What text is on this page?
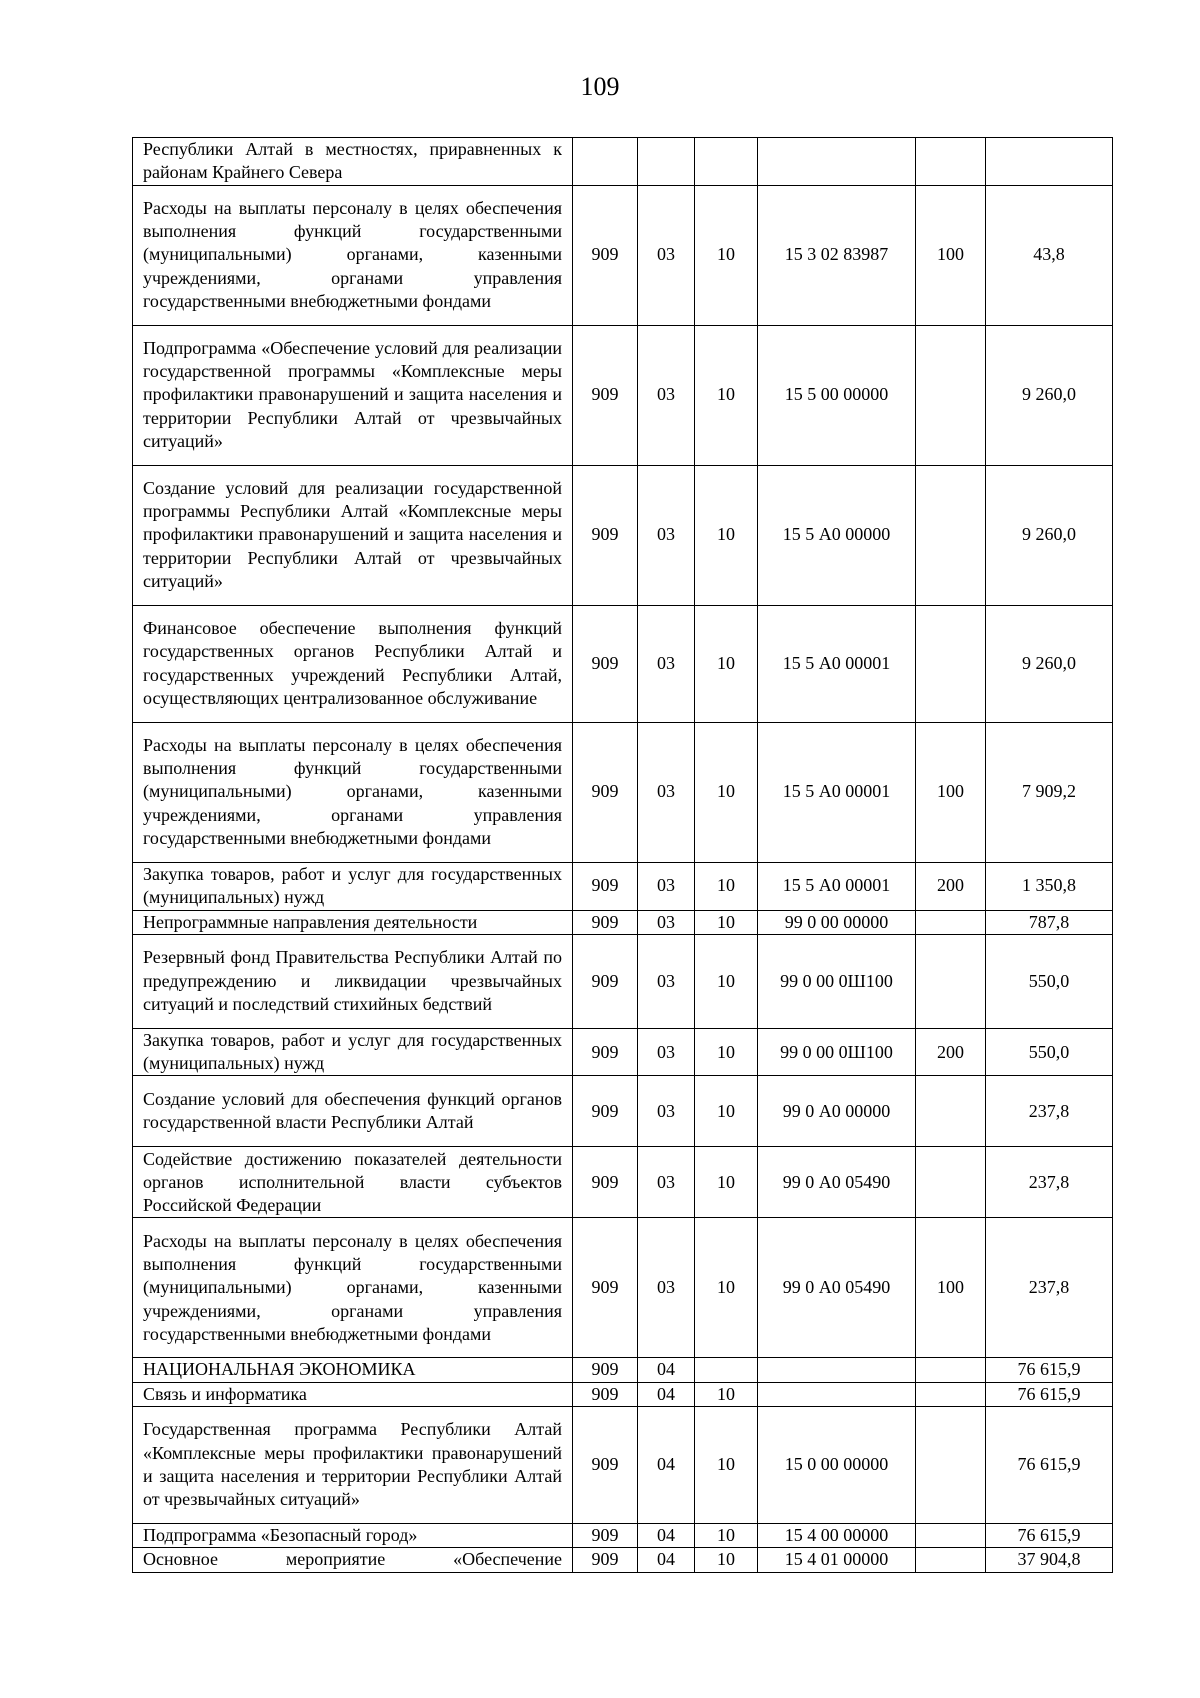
109
Республики Алтай в местностях, приравненных к районам Крайнего Севера						
Расходы на выплаты персоналу в целях обеспечения выполнения функций государственными (муниципальными) органами, казенными учреждениями, органами управления государственными внебюджетными фондами	909	03	10	15 3 02 83987	100	43,8
Подпрограмма «Обеспечение условий для реализации государственной программы «Комплексные меры профилактики правонарушений и защита населения и территории Республики Алтай от чрезвычайных ситуаций»	909	03	10	15 5 00 00000		9 260,0
Создание условий для реализации государственной программы Республики Алтай «Комплексные меры профилактики правонарушений и защита населения и территории Республики Алтай от чрезвычайных ситуаций»	909	03	10	15 5 А0 00000		9 260,0
Финансовое обеспечение выполнения функций государственных органов Республики Алтай и государственных учреждений Республики Алтай, осуществляющих централизованное обслуживание	909	03	10	15 5 А0 00001		9 260,0
Расходы на выплаты персоналу в целях обеспечения выполнения функций государственными (муниципальными) органами, казенными учреждениями, органами управления государственными внебюджетными фондами	909	03	10	15 5 А0 00001	100	7 909,2
Закупка товаров, работ и услуг для государственных (муниципальных) нужд	909	03	10	15 5 А0 00001	200	1 350,8
Непрограммные направления деятельности	909	03	10	99 0 00 00000		787,8
Резервный фонд Правительства Республики Алтай по предупреждению и ликвидации чрезвычайных ситуаций и последствий стихийных бедствий	909	03	10	99 0 00 0Ш100		550,0
Закупка товаров, работ и услуг для государственных (муниципальных) нужд	909	03	10	99 0 00 0Ш100	200	550,0
Создание условий для обеспечения функций органов государственной власти Республики Алтай	909	03	10	99 0 А0 00000		237,8
Содействие достижению показателей деятельности органов исполнительной власти субъектов Российской Федерации	909	03	10	99 0 А0 05490		237,8
Расходы на выплаты персоналу в целях обеспечения выполнения функций государственными (муниципальными) органами, казенными учреждениями, органами управления государственными внебюджетными фондами	909	03	10	99 0 А0 05490	100	237,8
НАЦИОНАЛЬНАЯ ЭКОНОМИКА	909	04				76 615,9
Связь и информатика	909	04	10			76 615,9
Государственная программа Республики Алтай «Комплексные меры профилактики правонарушений и защита населения и территории Республики Алтай от чрезвычайных ситуаций»	909	04	10	15 0 00 00000		76 615,9
Подпрограмма «Безопасный город»	909	04	10	15 4 00 00000		76 615,9
Основное мероприятие «Обеспечение	909	04	10	15 4 01 00000		37 904,8
